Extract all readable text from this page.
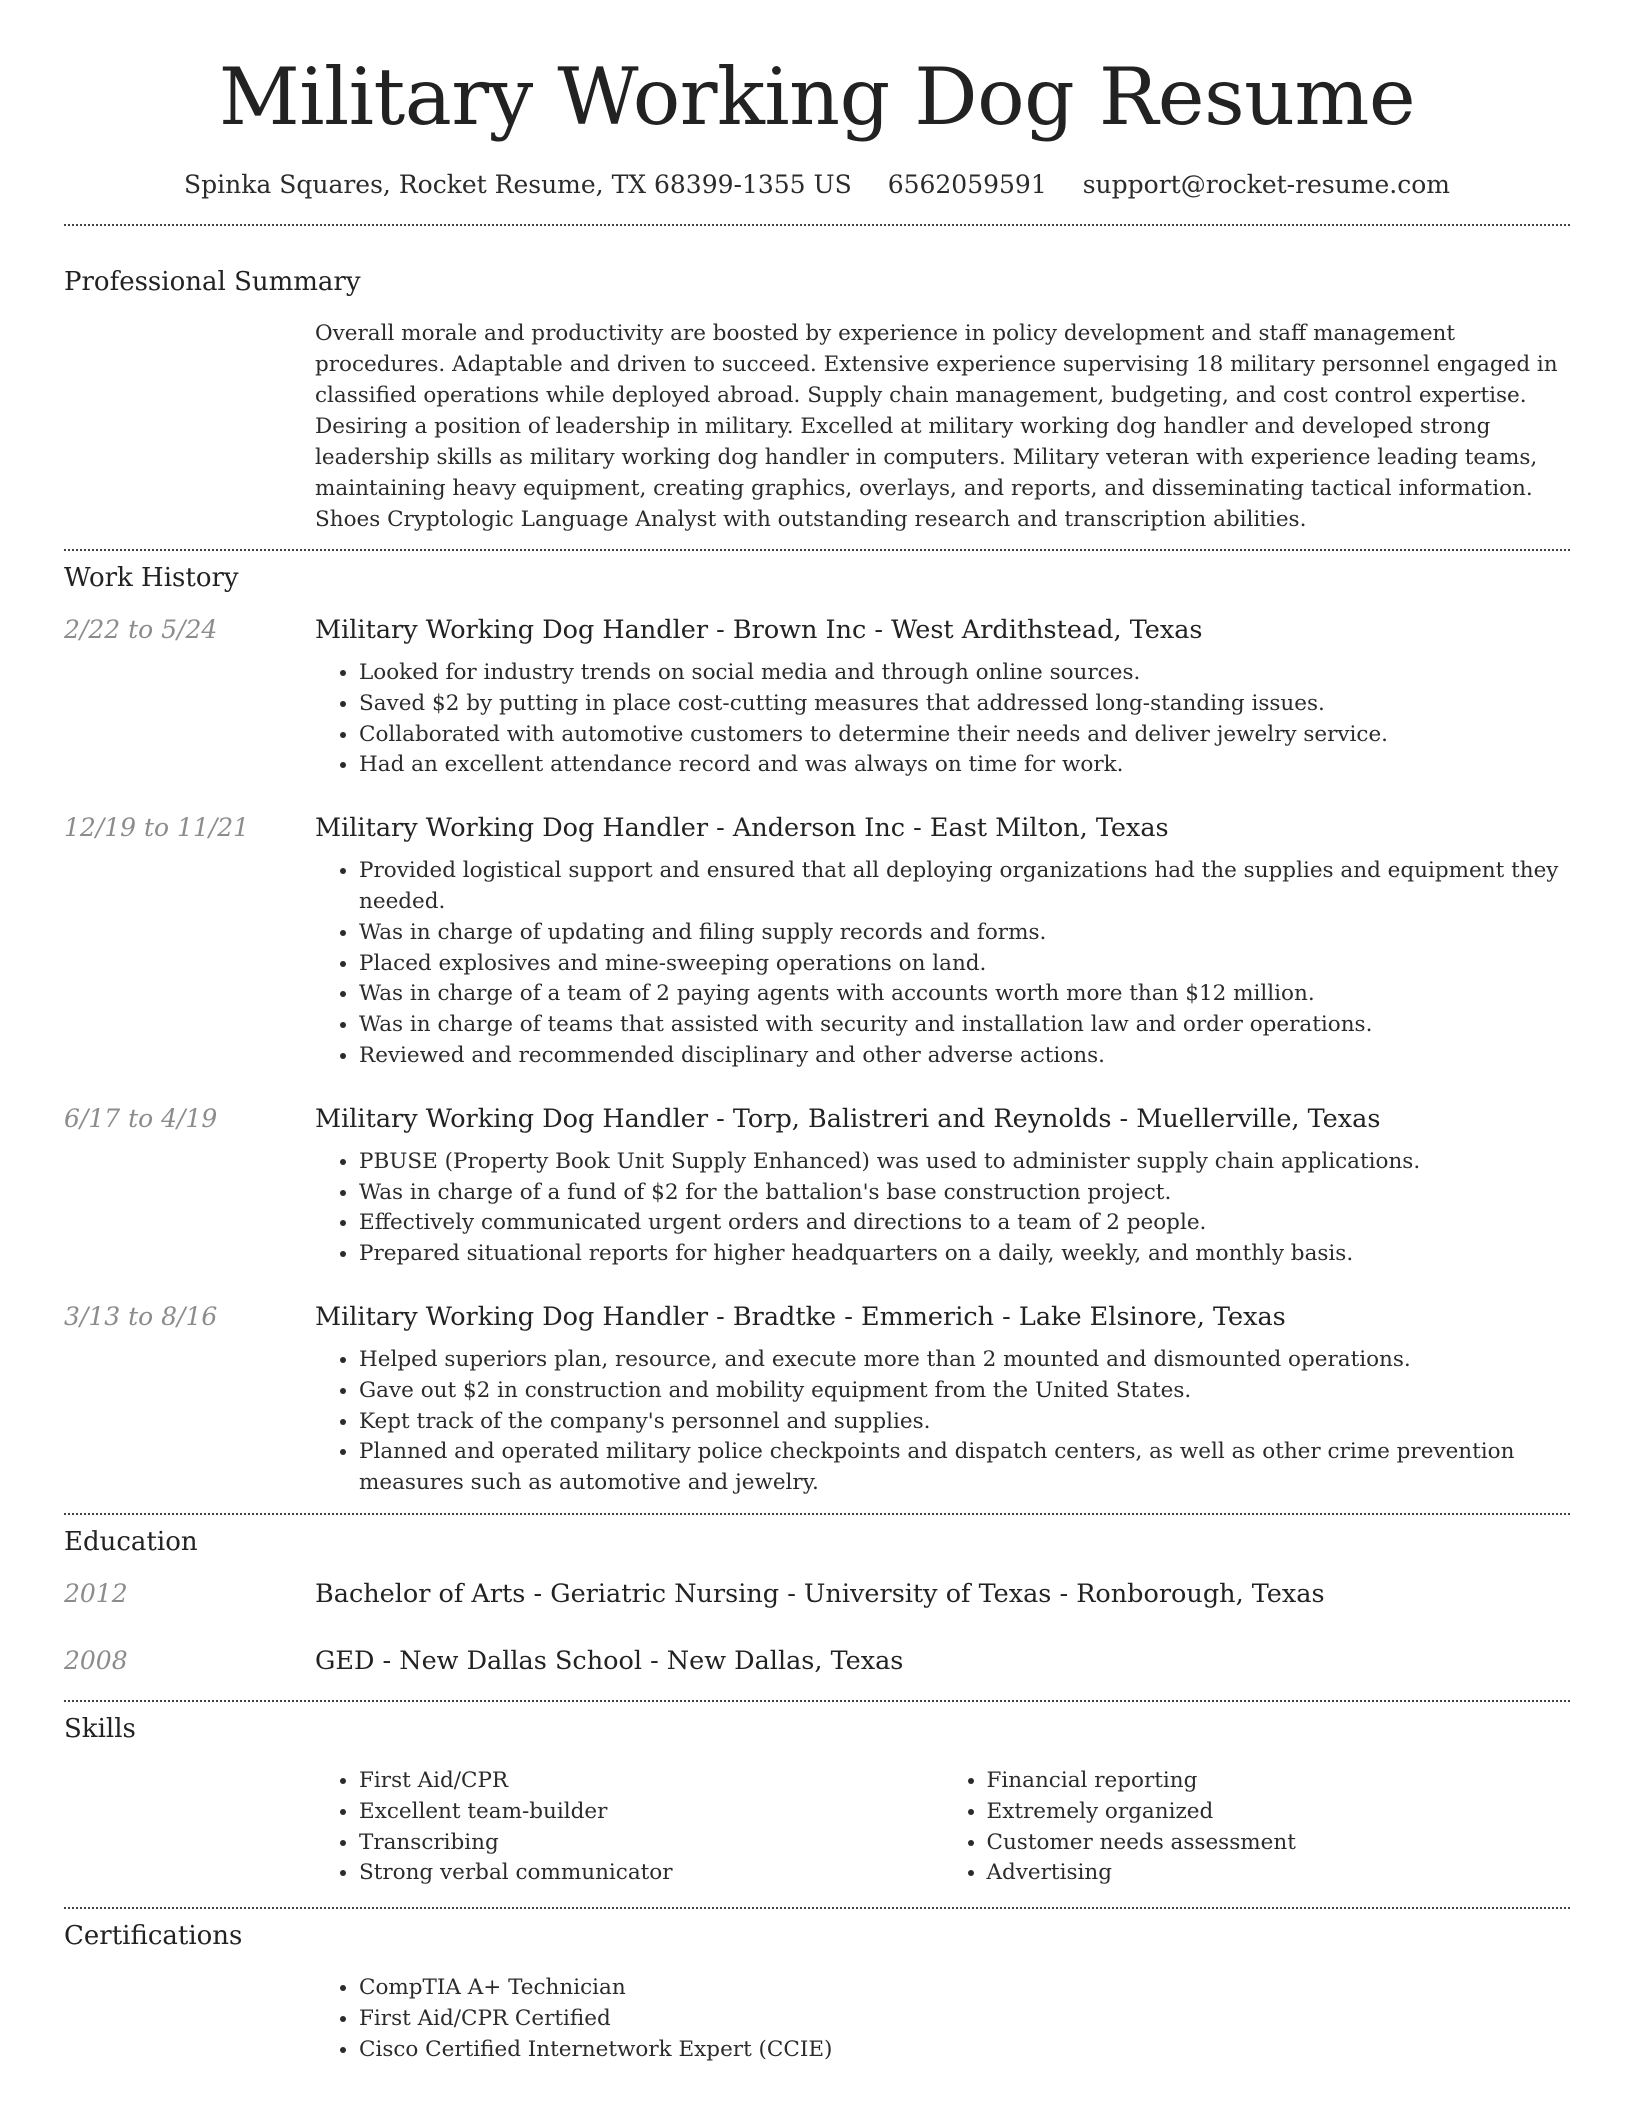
Military Working Dog Resume
Spinka Squares, Rocket Resume, TX 68399-1355 US 6562059591 support@rocket-resume.com
Professional Summary
Overall morale and productivity are boosted by experience in policy development and staff management procedures. Adaptable and driven to succeed. Extensive experience supervising 18 military personnel engaged in classified operations while deployed abroad. Supply chain management, budgeting, and cost control expertise. Desiring a position of leadership in military. Excelled at military working dog handler and developed strong leadership skills as military working dog handler in computers. Military veteran with experience leading teams, maintaining heavy equipment, creating graphics, overlays, and reports, and disseminating tactical information. Shoes Cryptologic Language Analyst with outstanding research and transcription abilities.
Work History
2/22 to 5/24	Military Working Dog Handler - Brown Inc - West Ardithstead, Texas
• Looked for industry trends on social media and through online sources.
• Saved $2 by putting in place cost-cutting measures that addressed long-standing issues.
• Collaborated with automotive customers to determine their needs and deliver jewelry service.
• Had an excellent attendance record and was always on time for work.
12/19 to 11/21	Military Working Dog Handler - Anderson Inc - East Milton, Texas
• Provided logistical support and ensured that all deploying organizations had the supplies and equipment they needed.
• Was in charge of updating and filing supply records and forms.
• Placed explosives and mine-sweeping operations on land.
• Was in charge of a team of 2 paying agents with accounts worth more than $12 million.
• Was in charge of teams that assisted with security and installation law and order operations.
• Reviewed and recommended disciplinary and other adverse actions.
6/17 to 4/19	Military Working Dog Handler - Torp, Balistreri and Reynolds - Muellerville, Texas
• PBUSE (Property Book Unit Supply Enhanced) was used to administer supply chain applications.
• Was in charge of a fund of $2 for the battalion's base construction project.
• Effectively communicated urgent orders and directions to a team of 2 people.
• Prepared situational reports for higher headquarters on a daily, weekly, and monthly basis.
3/13 to 8/16	Military Working Dog Handler - Bradtke - Emmerich - Lake Elsinore, Texas
• Helped superiors plan, resource, and execute more than 2 mounted and dismounted operations.
• Gave out $2 in construction and mobility equipment from the United States.
• Kept track of the company's personnel and supplies.
• Planned and operated military police checkpoints and dispatch centers, as well as other crime prevention measures such as automotive and jewelry.
Education
2012	Bachelor of Arts - Geriatric Nursing - University of Texas - Ronborough, Texas
2008	GED - New Dallas School - New Dallas, Texas
Skills
• First Aid/CPR
• Excellent team-builder
• Transcribing
• Strong verbal communicator
• Financial reporting
• Extremely organized
• Customer needs assessment
• Advertising
Certifications
• CompTIA A+ Technician
• First Aid/CPR Certified
• Cisco Certified Internetwork Expert (CCIE)
